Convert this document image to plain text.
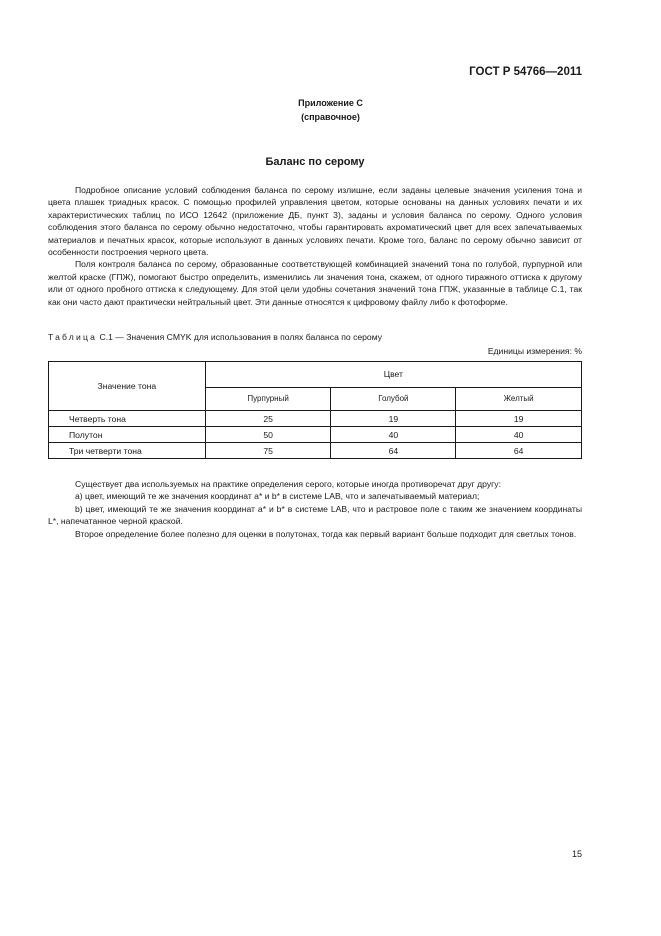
ГОСТ Р 54766—2011
Приложение С
(справочное)
Баланс по серому

Подробное описание условий соблюдения баланса по серому излишне, если заданы целевые значения усиления тона и цвета плашек триадных красок. С помощью профилей управления цветом, которые основаны на данных условиях печати и их характеристических таблиц по ИСО 12642 (приложение ДБ, пункт 3), заданы и условия баланса по серому. Одного условия соблюдения этого баланса по серому обычно недостаточно, чтобы гарантировать ахроматический цвет для всех запечатываемых материалов и печатных красок, которые используют в данных условиях печати. Кроме того, баланс по серому обычно зависит от особенности построения черного цвета.

Поля контроля баланса по серому, образованные соответствующей комбинацией значений тона по голубой, пурпурной или желтой краске (ГПЖ), помогают быстро определить, изменились ли значения тона, скажем, от одного тиражного оттиска к другому или от одного пробного оттиска к следующему. Для этой цели удобны сочетания значений тона ГПЖ, указанные в таблице С.1, так как они часто дают практически нейтральный цвет. Эти данные относятся к цифровому файлу либо к фотоформе.

Таблица С.1 — Значения CMYK для использования в полях баланса по серому
Единицы измерения: %
Значение тона	Цвет		
	Пурпурный	Голубой	Желтый
Четверть тона	25	19	19
Полутон	50	40	40
Три четверти тона	75	64	64

Существует два используемых на практике определения серого, которые иногда противоречат друг другу:

а) цвет, имеющий те же значения координат a* и b* в системе LAB, что и запечатываемый материал;

b) цвет, имеющий те же значения координат a* и b* в системе LAB, что и растровое поле с таким же значением координаты L*, напечатанное черной краской.

Второе определение более полезно для оценки в полутонах, тогда как первый вариант больше подходит для светлых тонов.

15
